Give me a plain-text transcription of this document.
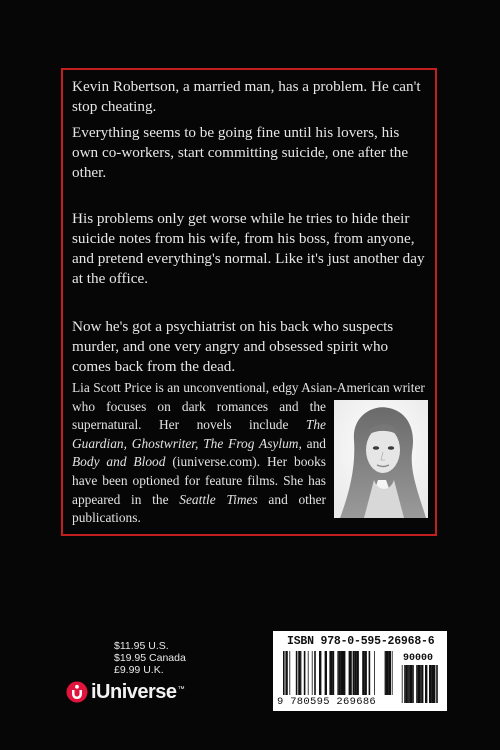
Kevin Robertson, a married man, has a problem. He can't stop cheating.

Everything seems to be going fine until his lovers, his own co-workers, start committing suicide, one after the other.

His problems only get worse while he tries to hide their suicide notes from his wife, from his boss, from anyone, and pretend everything's normal. Like it's just another day at the office.

Now he's got a psychiatrist on his back who suspects murder, and one very angry and obsessed spirit who comes back from the dead.

Lia Scott Price is an unconventional, edgy Asian-American writer
who focuses on dark romances and the supernatural. Her novels include The Guardian, Ghostwriter, The Frog Asylum, and Body and Blood (iuniverse.com). Her books have been optioned for feature films. She has appeared in the Seattle Times and other publications.
$11.95 U.S.
$19.95 Canada
£9.99 U.K.
iUniverse™
ISBN 978-0-595-26968-6
90000
9 780595 269686
